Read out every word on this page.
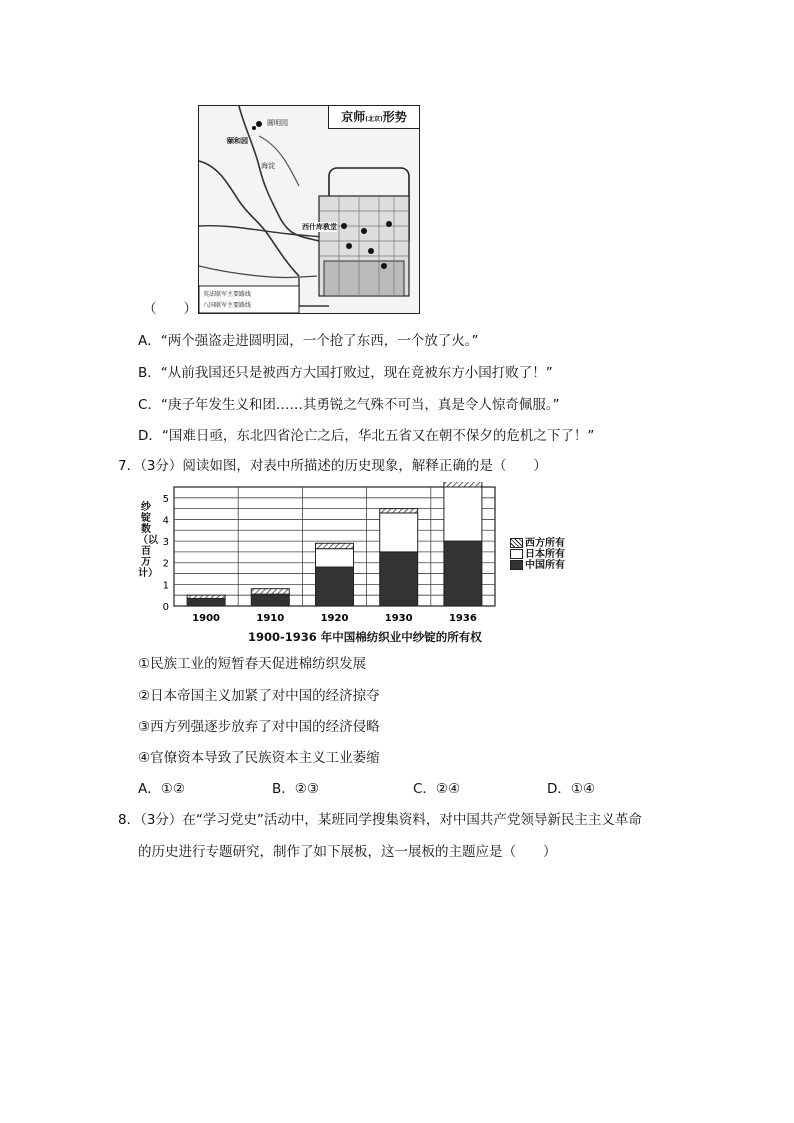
京师(北京)形势
圆明园
颐和园
海淀
西什库教堂
英法联军主要路线
八国联军主要路线
（　　）
A．“两个强盗走进圆明园，一个抢了东西，一个放了火。”
B．“从前我国还只是被西方大国打败过，现在竟被东方小国打败了！”
C．“庚子年发生义和团……其勇锐之气殊不可当，真是令人惊奇佩服。”
D．“国难日亟，东北四省沦亡之后，华北五省又在朝不保夕的危机之下了！”
7．（3分）阅读如图，对表中所描述的历史现象，解释正确的是（　　）
0
1
2
3
4
5
1900	1910	1920	1930	1936
纱锭数（以百万计）
西方所有
日本所有
中国所有
1900-1936 年中国棉纺织业中纱锭的所有权
①民族工业的短暂春天促进棉纺织发展
②日本帝国主义加紧了对中国的经济掠夺
③西方列强逐步放弃了对中国的经济侵略
④官僚资本导致了民族资本主义工业萎缩
A．①②	B．②③	C．②④	D．①④
8．（3分）在“学习党史”活动中，某班同学搜集资料，对中国共产党领导新民主主义革命
的历史进行专题研究，制作了如下展板，这一展板的主题应是（　　）
